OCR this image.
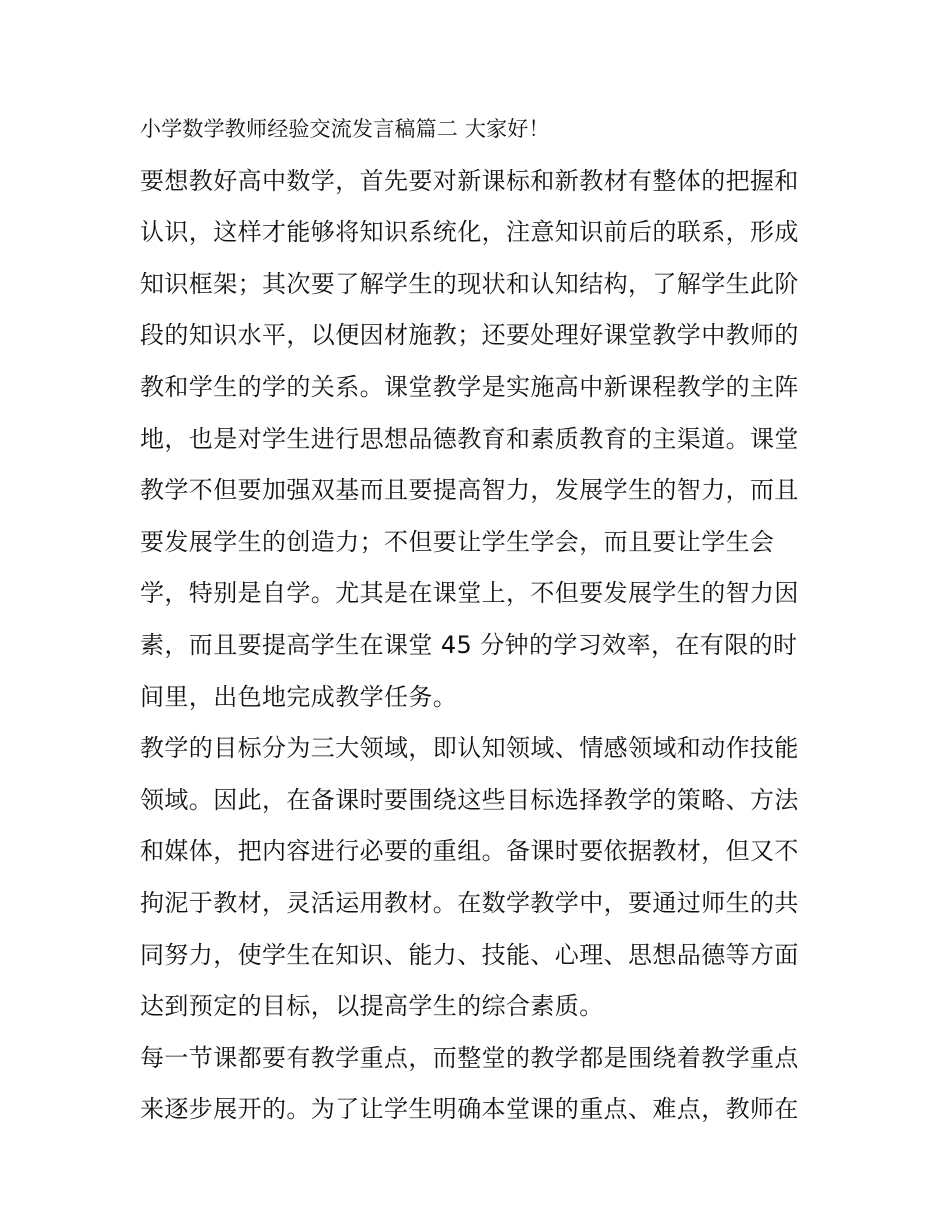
小学数学教师经验交流发言稿篇二 大家好！
要想教好高中数学，首先要对新课标和新教材有整体的把握和
认识，这样才能够将知识系统化，注意知识前后的联系，形成
知识框架；其次要了解学生的现状和认知结构，了解学生此阶
段的知识水平，以便因材施教；还要处理好课堂教学中教师的
教和学生的学的关系。课堂教学是实施高中新课程教学的主阵
地，也是对学生进行思想品德教育和素质教育的主渠道。课堂
教学不但要加强双基而且要提高智力，发展学生的智力，而且
要发展学生的创造力；不但要让学生学会，而且要让学生会
学，特别是自学。尤其是在课堂上，不但要发展学生的智力因
素，而且要提高学生在课堂 45 分钟的学习效率，在有限的时
间里，出色地完成教学任务。
教学的目标分为三大领域，即认知领域、情感领域和动作技能
领域。因此，在备课时要围绕这些目标选择教学的策略、方法
和媒体，把内容进行必要的重组。备课时要依据教材，但又不
拘泥于教材，灵活运用教材。在数学教学中，要通过师生的共
同努力，使学生在知识、能力、技能、心理、思想品德等方面
达到预定的目标，以提高学生的综合素质。
每一节课都要有教学重点，而整堂的教学都是围绕着教学重点
来逐步展开的。为了让学生明确本堂课的重点、难点，教师在
